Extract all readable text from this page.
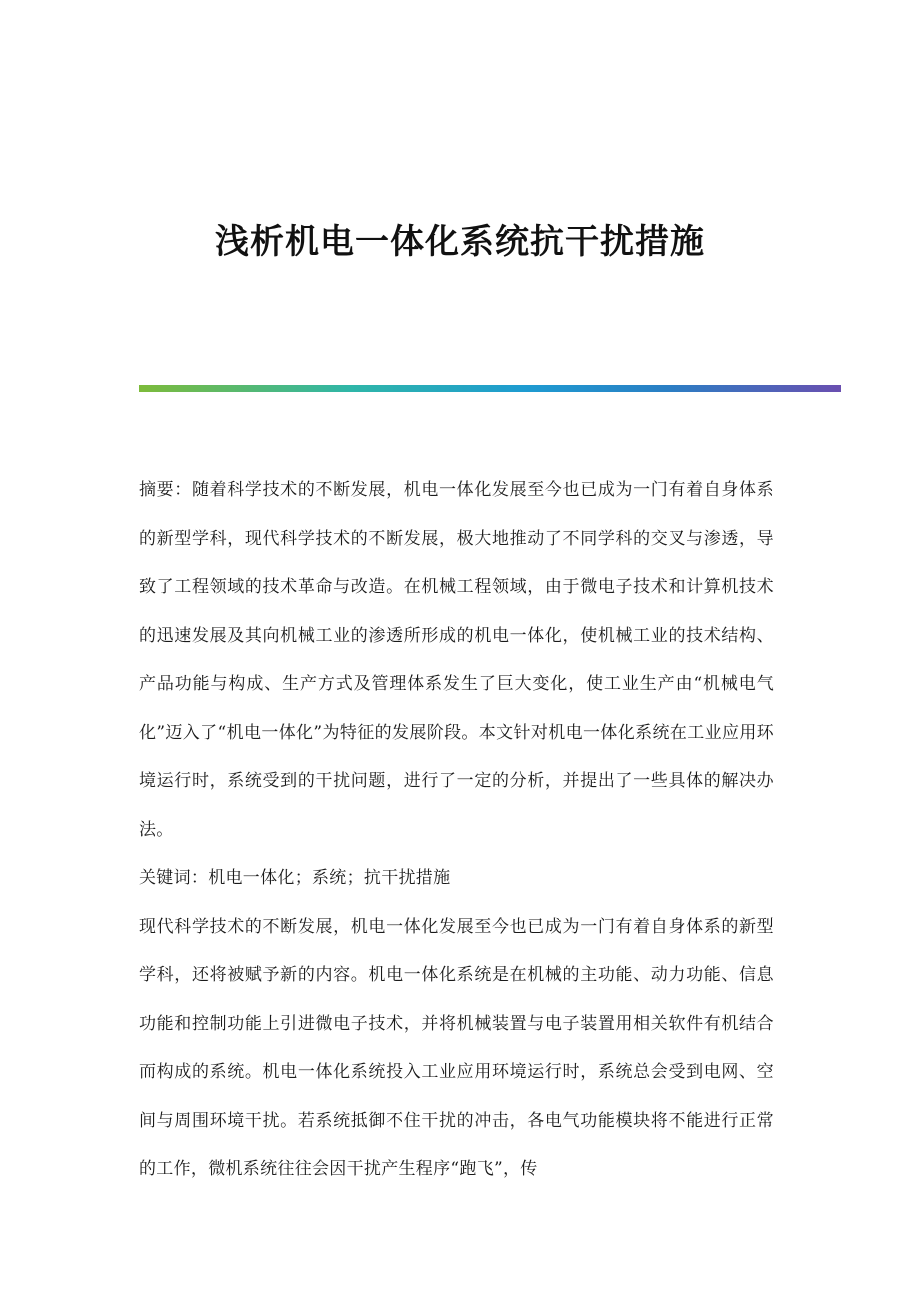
浅析机电一体化系统抗干扰措施

摘要：随着科学技术的不断发展，机电一体化发展至今也已成为一门有着自身体系的新型学科，现代科学技术的不断发展，极大地推动了不同学科的交叉与渗透，导致了工程领域的技术革命与改造。在机械工程领域，由于微电子技术和计算机技术的迅速发展及其向机械工业的渗透所形成的机电一体化，使机械工业的技术结构、产品功能与构成、生产方式及管理体系发生了巨大变化，使工业生产由“机械电气化”迈入了“机电一体化”为特征的发展阶段。本文针对机电一体化系统在工业应用环境运行时，系统受到的干扰问题，进行了一定的分析，并提出了一些具体的解决办法。

关键词：机电一体化；系统；抗干扰措施

现代科学技术的不断发展，机电一体化发展至今也已成为一门有着自身体系的新型学科，还将被赋予新的内容。机电一体化系统是在机械的主功能、动力功能、信息功能和控制功能上引进微电子技术，并将机械装置与电子装置用相关软件有机结合而构成的系统。机电一体化系统投入工业应用环境运行时，系统总会受到电网、空间与周围环境干扰。若系统抵御不住干扰的冲击，各电气功能模块将不能进行正常的工作，微机系统往往会因干扰产生程序“跑飞”，传
